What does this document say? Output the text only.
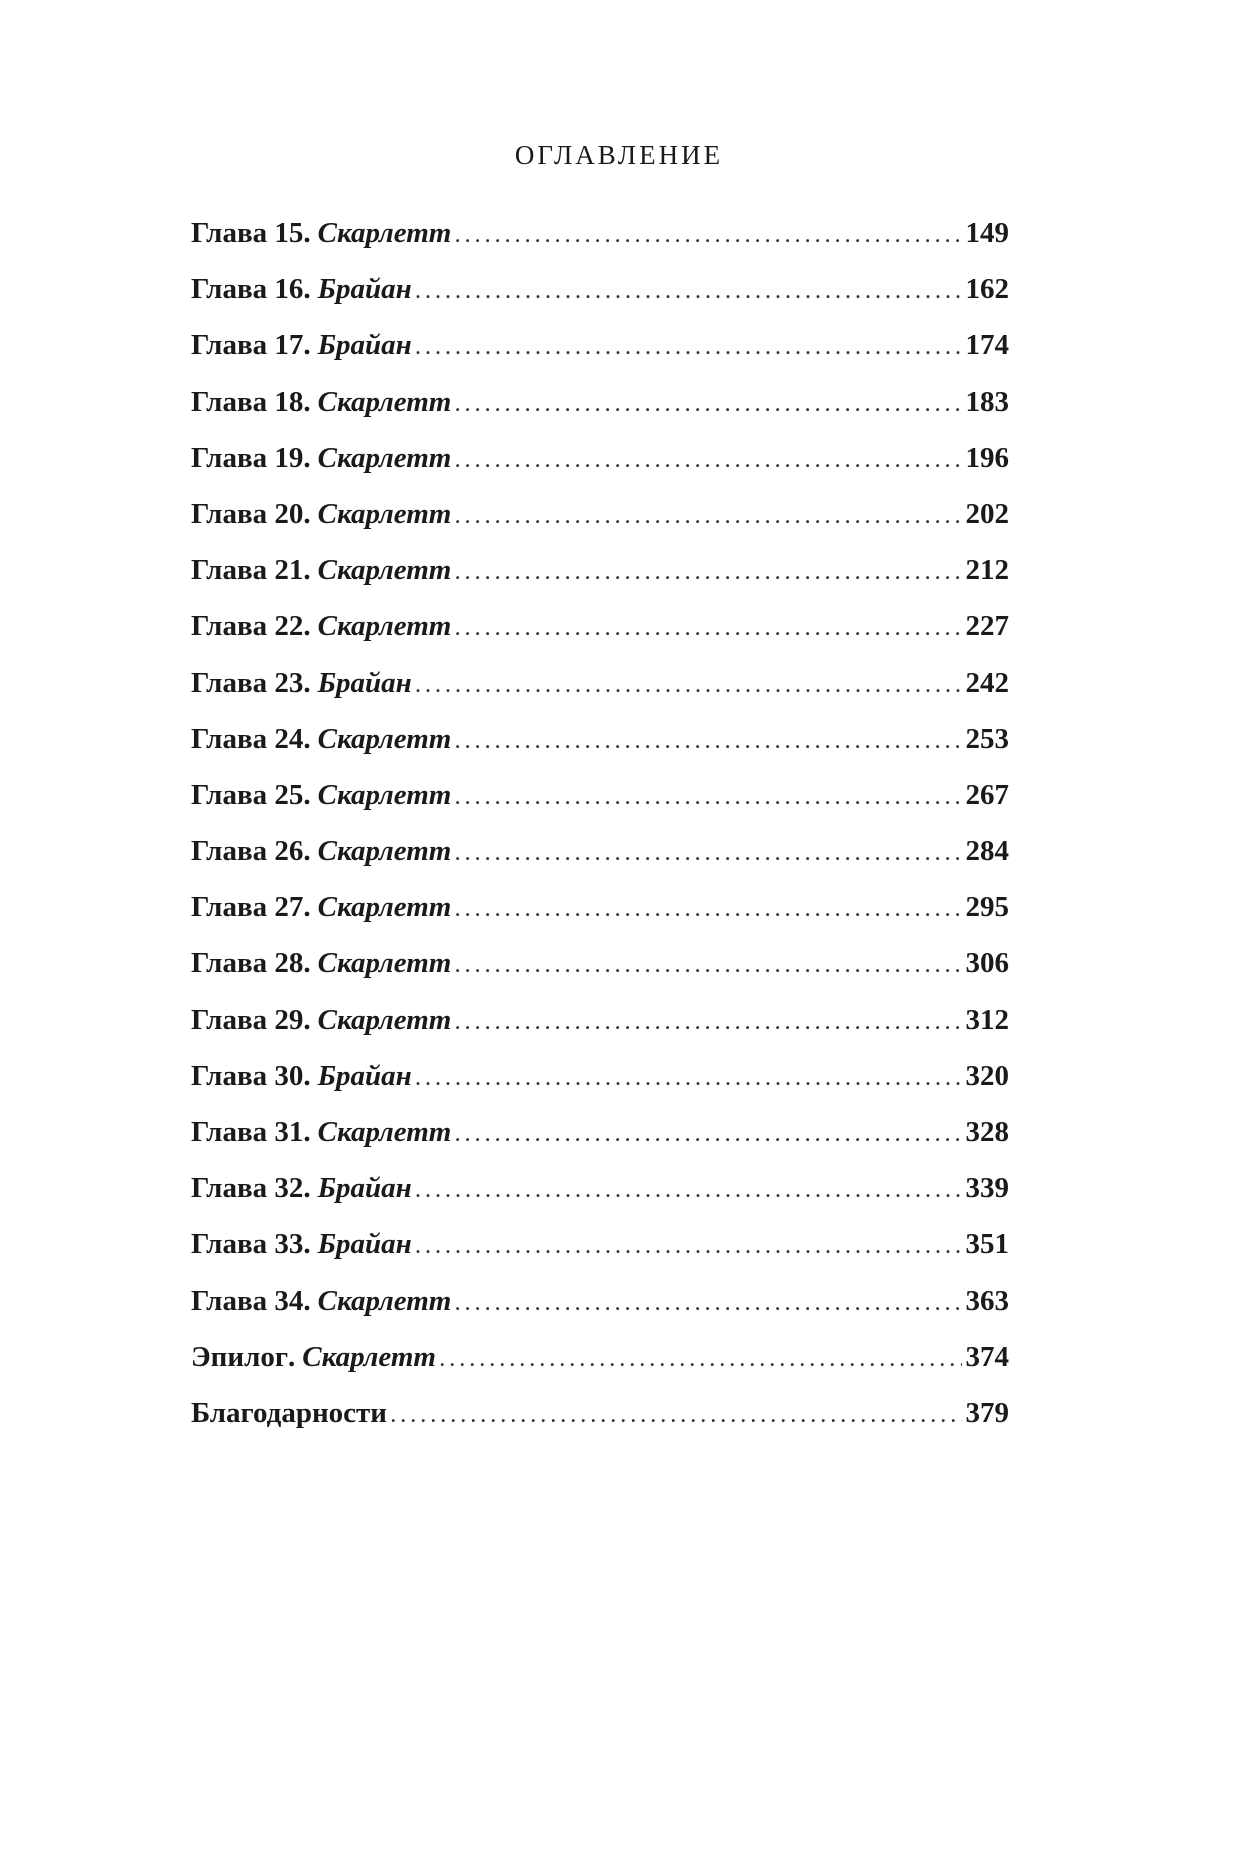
ОГЛАВЛЕНИЕ
Глава 15 . Скарлетт . . .	149
Глава 16 . Брайан . . .	162
Глава 17 . Брайан . . .	174
Глава 18 . Скарлетт . . .	183
Глава 19 . Скарлетт . . .	196
Глава 20 . Скарлетт . . .	202
Глава 21 . Скарлетт . . .	212
Глава 22 . Скарлетт . . .	227
Глава 23 . Брайан . . .	242
Глава 24 . Скарлетт . . .	253
Глава 25 . Скарлетт . . .	267
Глава 26 . Скарлетт . . .	284
Глава 27 . Скарлетт . . .	295
Глава 28 . Скарлетт . . .	306
Глава 29 . Скарлетт . . .	312
Глава 30 . Брайан . . .	320
Глава 31 . Скарлетт . . .	328
Глава 32 . Брайан . . .	339
Глава 33 . Брайан . . .	351
Глава 34 . Скарлетт . . .	363
Эпилог . Скарлетт . . .	374
Благодарности . . .	379
